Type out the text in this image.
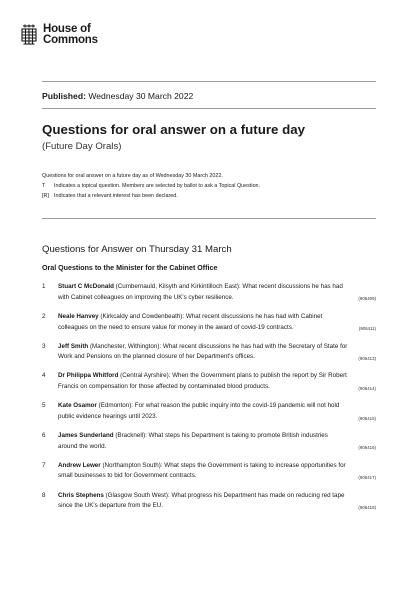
House of
Commons
Published: Wednesday 30 March 2022
Questions for oral answer on a future day
(Future Day Orals)
Questions for oral answer on a future day as of Wednesday 30 March 2022.
T	Indicates a topical question. Members are selected by ballot to ask a Topical Question.
[R] Indicates that a relevant interest has been declared.
Questions for Answer on Thursday 31 March
Oral Questions to the Minister for the Cabinet Office
1	Stuart C McDonald (Cumbernauld, Kilsyth and Kirkintilloch East): What recent discussions he has had with Cabinet colleagues on improving the UK's cyber resilience.	(906409)
2	Neale Hanvey (Kirkcaldy and Cowdenbeath): What recent discussions he has had with Cabinet colleagues on the need to ensure value for money in the award of covid-19 contracts.	(906411)
3	Jeff Smith (Manchester, Withington): What recent discussions he has had with the Secretary of State for Work and Pensions on the planned closure of her Department's offices.	(906413)
4	Dr Philippa Whitford (Central Ayrshire): When the Government plans to publish the report by Sir Robert Francis on compensation for those affected by contaminated blood products.	(906414)
5	Kate Osamor (Edmonton): For what reason the public inquiry into the covid-19 pandemic will not hold public evidence hearings until 2023.	(906415)
6	James Sunderland (Bracknell): What steps his Department is taking to promote British industries around the world.	(906416)
7	Andrew Lewer (Northampton South): What steps the Government is taking to increase opportunities for small businesses to bid for Government contracts.	(906417)
8	Chris Stephens (Glasgow South West): What progress his Department has made on reducing red tape since the UK's departure from the EU.	(906418)
